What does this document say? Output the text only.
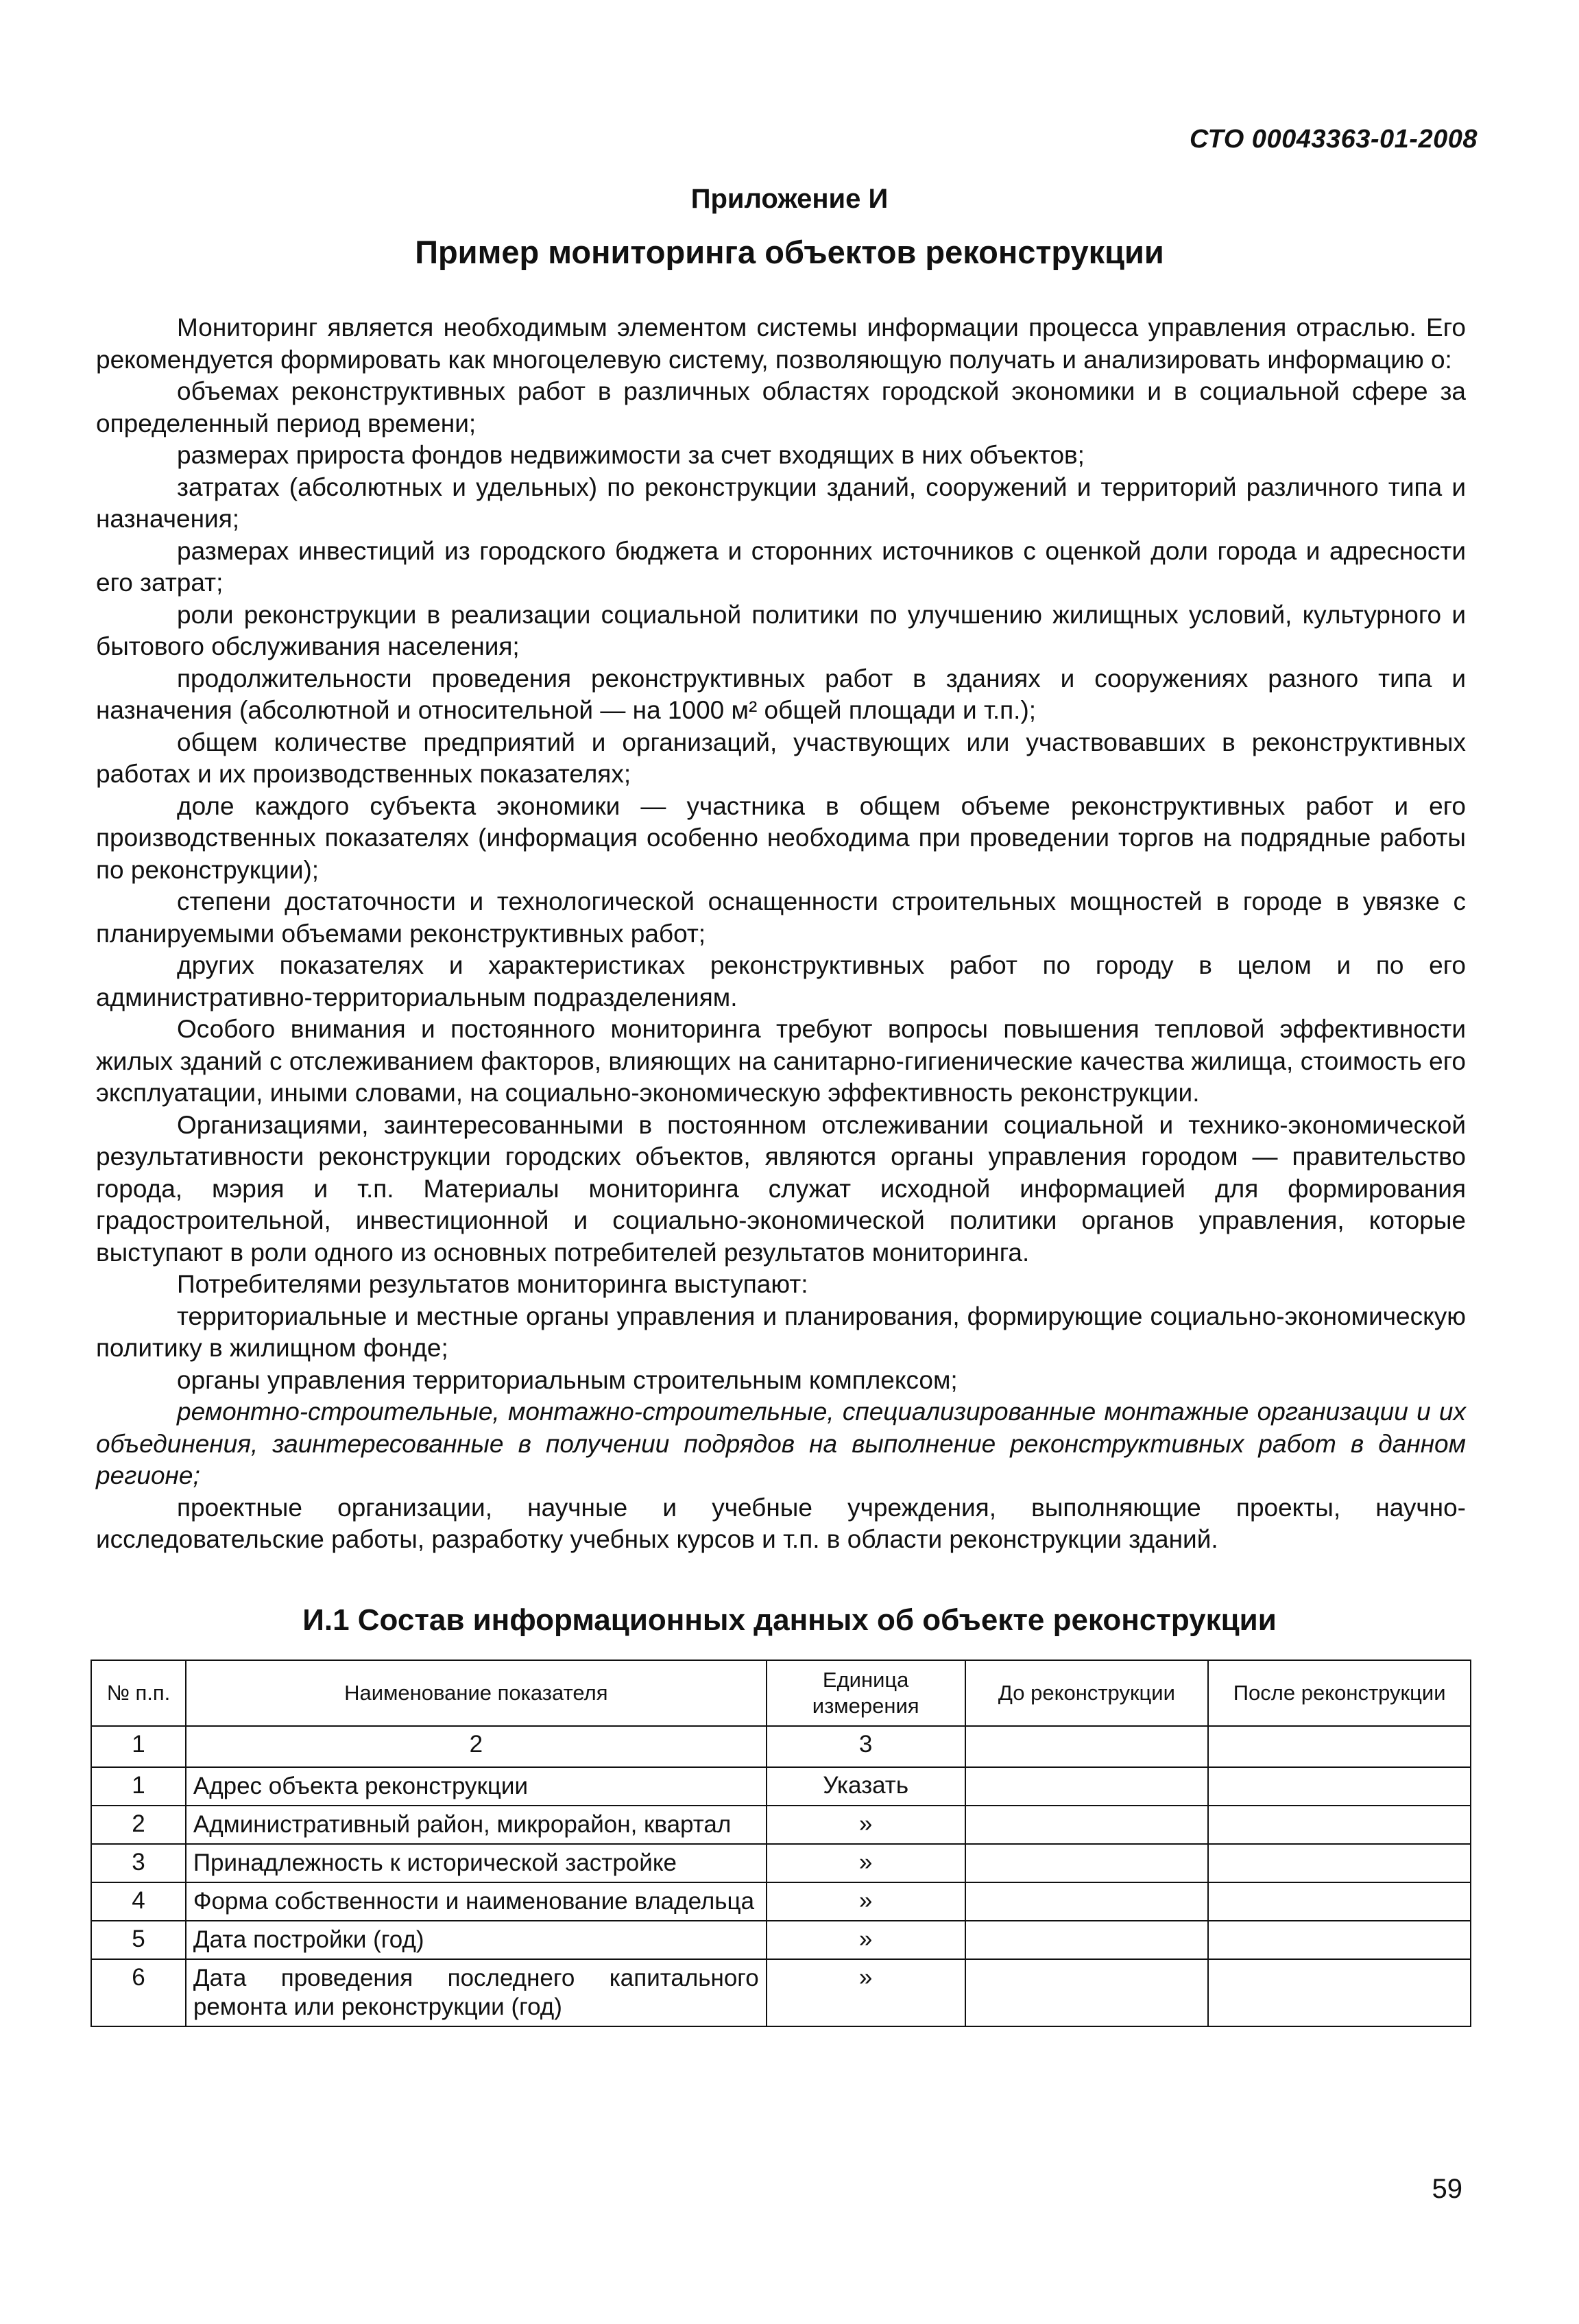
СТО 00043363-01-2008
Приложение И
Пример мониторинга объектов реконструкции

Мониторинг является необходимым элементом системы информации процесса управления отраслью. Его рекомендуется формировать как многоцелевую систему, позволяющую получать и анализировать информацию о:

объемах реконструктивных работ в различных областях городской экономики и в социальной сфере за определенный период времени;

размерах прироста фондов недвижимости за счет входящих в них объектов;

затратах (абсолютных и удельных) по реконструкции зданий, сооружений и территорий различного типа и назначения;

размерах инвестиций из городского бюджета и сторонних источников с оценкой доли города и адресности его затрат;

роли реконструкции в реализации социальной политики по улучшению жилищных условий, культурного и бытового обслуживания населения;

продолжительности проведения реконструктивных работ в зданиях и сооружениях разного типа и назначения (абсолютной и относительной — на 1000 м² общей площади и т.п.);

общем количестве предприятий и организаций, участвующих или участвовавших в реконструктивных работах и их производственных показателях;

доле каждого субъекта экономики — участника в общем объеме реконструктивных работ и его производственных показателях (информация особенно необходима при проведении торгов на подрядные работы по реконструкции);

степени достаточности и технологической оснащенности строительных мощностей в городе в увязке с планируемыми объемами реконструктивных работ;

других показателях и характеристиках реконструктивных работ по городу в целом и по его административно-территориальным подразделениям.

Особого внимания и постоянного мониторинга требуют вопросы повышения тепловой эффективности жилых зданий с отслеживанием факторов, влияющих на санитарно-гигиенические качества жилища, стоимость его эксплуатации, иными словами, на социально-экономическую эффективность реконструкции.

Организациями, заинтересованными в постоянном отслеживании социальной и технико-экономической результативности реконструкции городских объектов, являются органы управления городом — правительство города, мэрия и т.п. Материалы мониторинга служат исходной информацией для формирования градостроительной, инвестиционной и социально-экономической политики органов управления, которые выступают в роли одного из основных потребителей результатов мониторинга.

Потребителями результатов мониторинга выступают:

территориальные и местные органы управления и планирования, формирующие социально-экономическую политику в жилищном фонде;

органы управления территориальным строительным комплексом;

ремонтно-строительные, монтажно-строительные, специализированные монтажные организации и их объединения, заинтересованные в получении подрядов на выполнение реконструктивных работ в данном регионе;

проектные организации, научные и учебные учреждения, выполняющие проекты, научно-исследовательские работы, разработку учебных курсов и т.п. в области реконструкции зданий.

И.1 Состав информационных данных об объекте реконструкции
№ п.п.	Наименование показателя	Единица измерения	До реконструкции	После реконструкции
1	2	3		
1	Адрес объекта реконструкции	Указать		
2	Административный район, микрорайон, квартал	»		
3	Принадлежность к исторической застройке	»		
4	Форма собственности и наименование владельца	»		
5	Дата постройки (год)	»		
6	Дата проведения последнего капитального ремонта или реконструкции (год)	»		
59
